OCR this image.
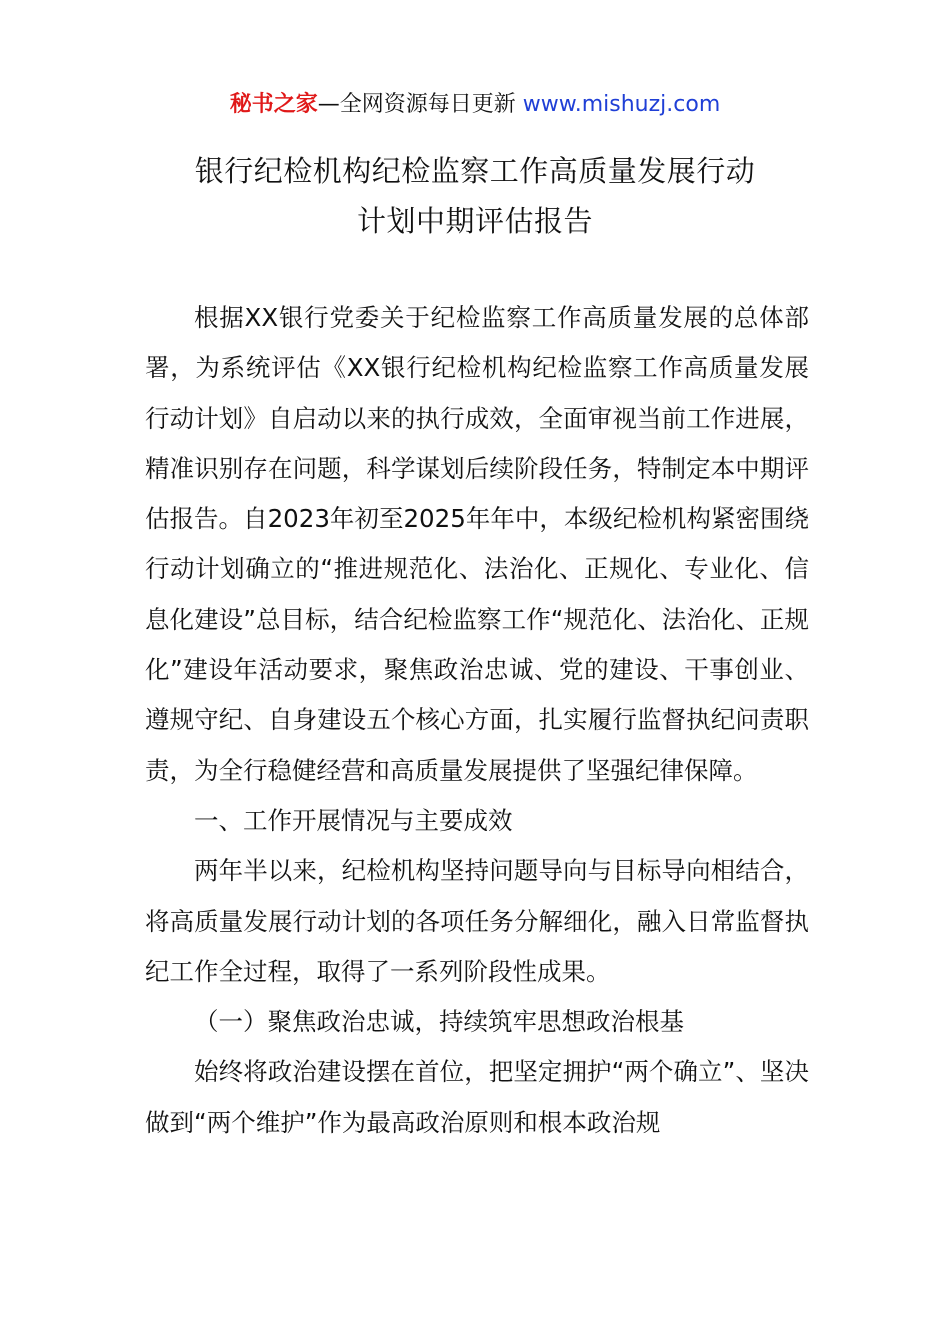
秘书之家—全网资源每日更新 www.mishuzj.com
银行纪检机构纪检监察工作高质量发展行动
计划中期评估报告

根据XX银行党委关于纪检监察工作高质量发展的总体部署，为系统评估《XX银行纪检机构纪检监察工作高质量发展行动计划》自启动以来的执行成效，全面审视当前工作进展，精准识别存在问题，科学谋划后续阶段任务，特制定本中期评估报告。自2023年初至2025年年中，本级纪检机构紧密围绕行动计划确立的“推进规范化、法治化、正规化、专业化、信息化建设”总目标，结合纪检监察工作“规范化、法治化、正规化”建设年活动要求，聚焦政治忠诚、党的建设、干事创业、遵规守纪、自身建设五个核心方面，扎实履行监督执纪问责职责，为全行稳健经营和高质量发展提供了坚强纪律保障。

一、工作开展情况与主要成效

两年半以来，纪检机构坚持问题导向与目标导向相结合，将高质量发展行动计划的各项任务分解细化，融入日常监督执纪工作全过程，取得了一系列阶段性成果。

（一）聚焦政治忠诚，持续筑牢思想政治根基

始终将政治建设摆在首位，把坚定拥护“两个确立”、坚决做到“两个维护”作为最高政治原则和根本政治规
